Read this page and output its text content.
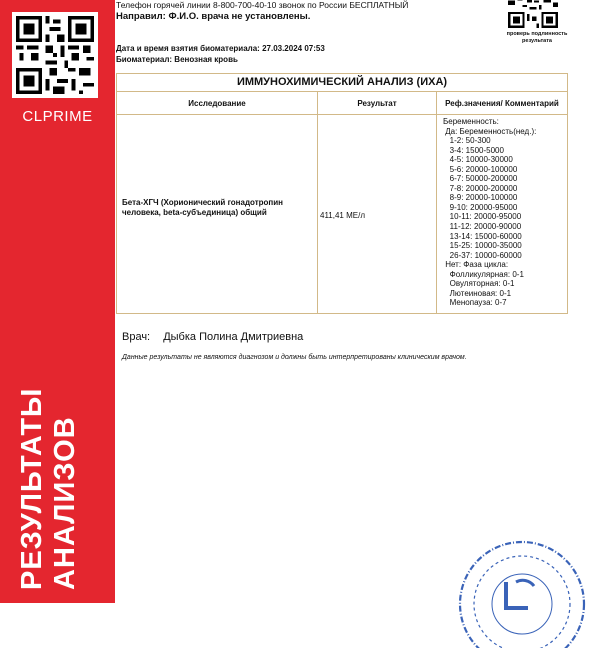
CLPRIME
РЕЗУЛЬТАТЫ АНАЛИЗОВ
Телефон горячей линии 8-800-700-40-10 звонок по России БЕСПЛАТНЫЙ
Направил: Ф.И.О. врача не установлены.
Дата и время взятия биоматериала: 27.03.2024 07:53
Биоматериал: Венозная кровь
проверь подлинность результата
ИММУНОХИМИЧЕСКИЙ АНАЛИЗ (ИХА)
Исследование	Результат	Реф.значения/ Комментарий
Бета-ХГЧ (Хорионический гонадотропин человека, beta-субъединица) общий	411,41 МЕ/л
Беременность:
Да: Беременность(нед.):
1-2: 50-300
3-4: 1500-5000
4-5: 10000-30000
5-6: 20000-100000
6-7: 50000-200000
7-8: 20000-200000
8-9: 20000-100000
9-10: 20000-95000
10-11: 20000-95000
11-12: 20000-90000
13-14: 15000-60000
15-25: 10000-35000
26-37: 10000-60000
Нет: Фаза цикла:
Фолликулярная: 0-1
Овуляторная: 0-1
Лютеиновая: 0-1
Менопауза: 0-7
Врач: Дыбка Полина Дмитриевна
Данные результаты не являются диагнозом и должны быть интерпретированы клиническим врачом.
